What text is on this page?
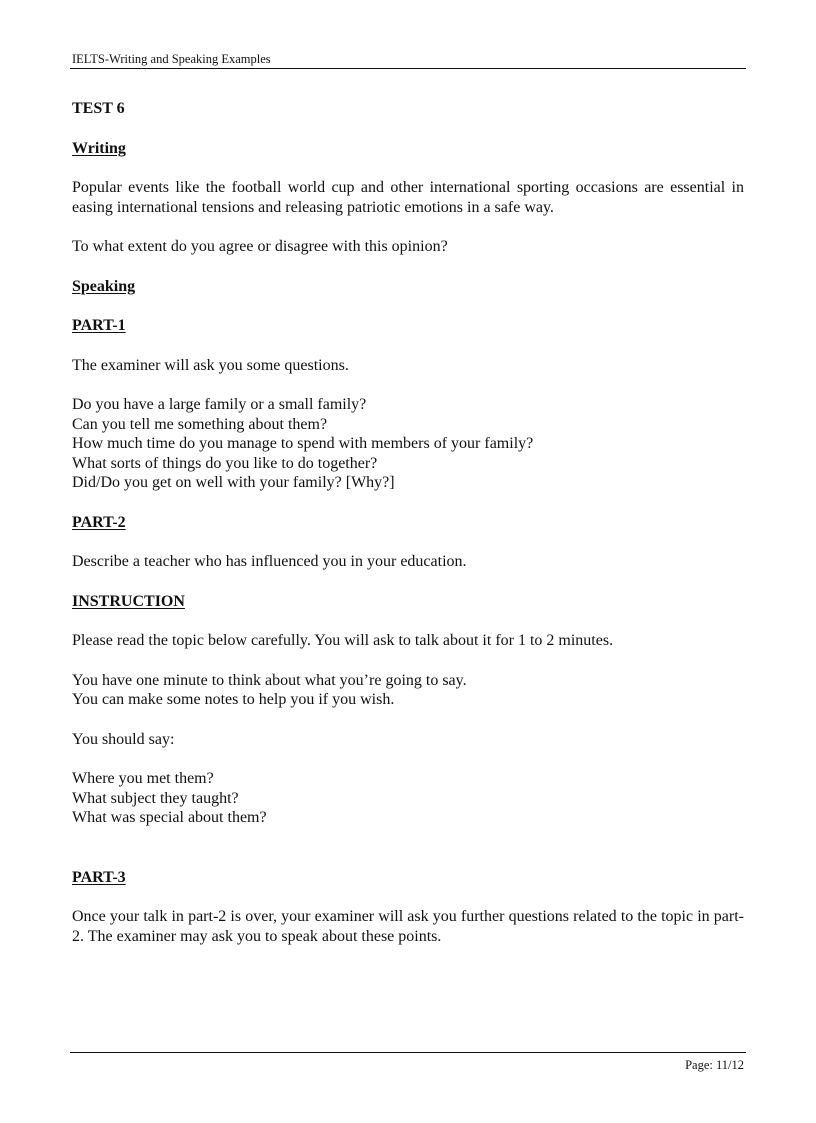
IELTS-Writing and Speaking Examples

TEST 6

Writing

Popular events like the football world cup and other international sporting occasions are essential in easing international tensions and releasing patriotic emotions in a safe way.

To what extent do you agree or disagree with this opinion?

Speaking

PART-1

The examiner will ask you some questions.

Do you have a large family or a small family?

Can you tell me something about them?

How much time do you manage to spend with members of your family?

What sorts of things do you like to do together?

Did/Do you get on well with your family? [Why?]

PART-2

Describe a teacher who has influenced you in your education.

INSTRUCTION

Please read the topic below carefully. You will ask to talk about it for 1 to 2 minutes.

You have one minute to think about what you’re going to say.

You can make some notes to help you if you wish.

You should say:

Where you met them?

What subject they taught?

What was special about them?

PART-3

Once your talk in part-2 is over, your examiner will ask you further questions related to the topic in part-2. The examiner may ask you to speak about these points.

Page: 11/12
